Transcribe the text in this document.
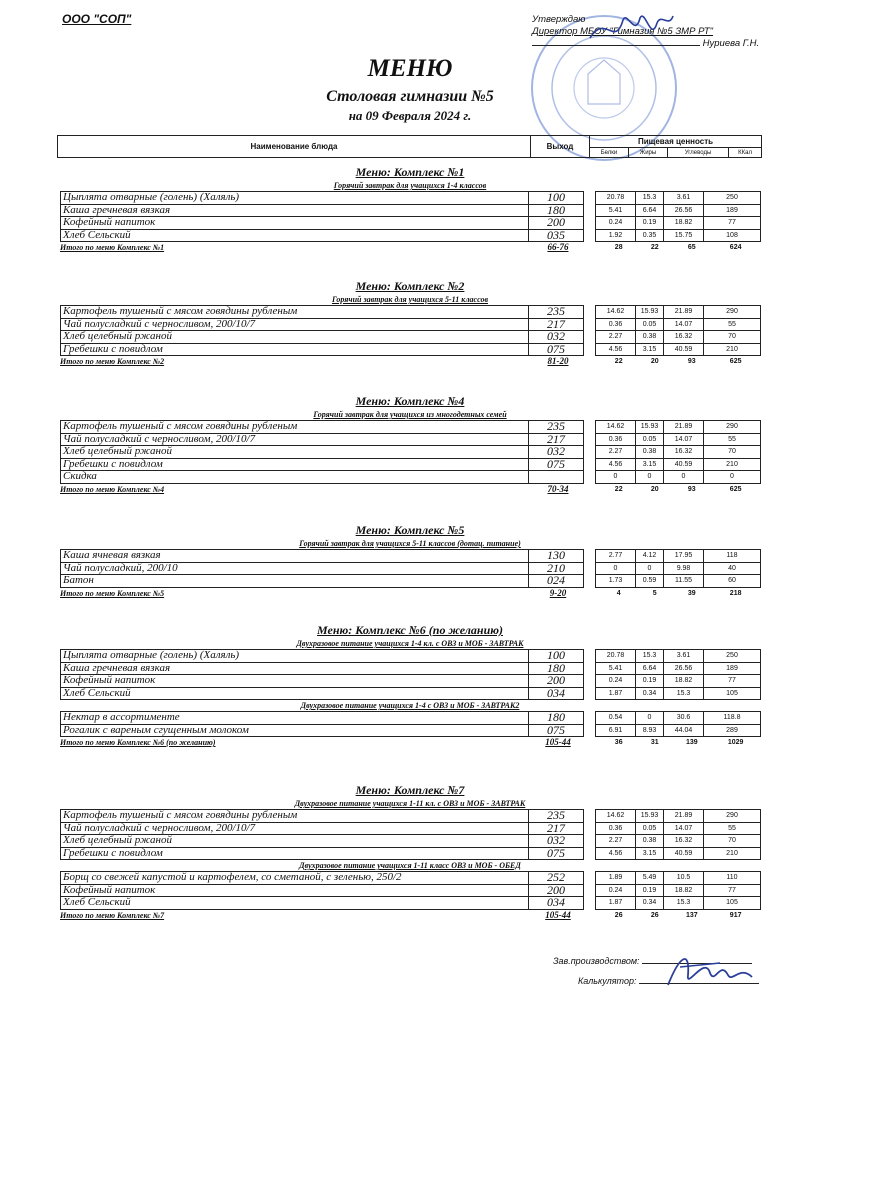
ООО "СОП"	Утверждаю
Директор МБОУ "Гимназия №5 ЗМР РТ"
Нуриева Г.Н.
МЕНЮ
Столовая гимназии №5
на 09 Февраля 2024 г.
Наименование блюда	Выход	Пищевая ценность			
		Белки	Жиры	Углеводы	ККал
Меню: Комплекс №1
Горячий завтрак для учащихся 1-4 классов
Цыплята отварные (голень) (Халяль)	100		20.78	15.3	3.61	250
Каша гречневая вязкая	180		5.41	6.64	26.56	189
Кофейный напиток	200		0.24	0.19	18.82	77
Хлеб Сельский	035		1.92	0.35	15.75	108
Итого по меню Комплекс №1	66-76	28	22	65	624
Меню: Комплекс №2
Горячий завтрак для учащихся 5-11 классов
Картофель тушеный с мясом говядины рубленым	235		14.62	15.93	21.89	290
Чай полусладкий с черносливом, 200/10/7	217		0.36	0.05	14.07	55
Хлеб целебный ржаной	032		2.27	0.38	16.32	70
Гребешки с повидлом	075		4.56	3.15	40.59	210
Итого по меню Комплекс №2	81-20	22	20	93	625
Меню: Комплекс №4
Горячий завтрак для учащихся из многодетных семей
Картофель тушеный с мясом говядины рубленым	235		14.62	15.93	21.89	290
Чай полусладкий с черносливом, 200/10/7	217		0.36	0.05	14.07	55
Хлеб целебный ржаной	032		2.27	0.38	16.32	70
Гребешки с повидлом	075		4.56	3.15	40.59	210
Скидка			0	0	0	0
Итого по меню Комплекс №4	70-34	22	20	93	625
Меню: Комплекс №5
Горячий завтрак для учащихся 5-11 классов (дотац. питание)
Каша ячневая вязкая	130		2.77	4.12	17.95	118
Чай полусладкий, 200/10	210		0	0	9.98	40
Батон	024		1.73	0.59	11.55	60
Итого по меню Комплекс №5	9-20	4	5	39	218
Меню: Комплекс №6 (по желанию)
Двухразовое питание учащихся 1-4 кл. с ОВЗ и МОБ - ЗАВТРАК
Цыплята отварные (голень) (Халяль)	100		20.78	15.3	3.61	250
Каша гречневая вязкая	180		5.41	6.64	26.56	189
Кофейный напиток	200		0.24	0.19	18.82	77
Хлеб Сельский	034		1.87	0.34	15.3	105
Двухразовое питание учащихся 1-4 с ОВЗ и МОБ - ЗАВТРАК2
Нектар в ассортименте	180		0.54	0	30.6	118.8
Рогалик с вареным сгущенным молоком	075		6.91	8.93	44.04	289
Итого по меню Комплекс №6 (по желанию)	105-44	36	31	139	1029
Меню: Комплекс №7
Двухразовое питание учащихся 1-11 кл. с ОВЗ и МОБ - ЗАВТРАК
Картофель тушеный с мясом говядины рубленым	235		14.62	15.93	21.89	290
Чай полусладкий с черносливом, 200/10/7	217		0.36	0.05	14.07	55
Хлеб целебный ржаной	032		2.27	0.38	16.32	70
Гребешки с повидлом	075		4.56	3.15	40.59	210
Двухразовое питание учащихся 1-11 класс ОВЗ и МОБ - ОБЕД
Борщ со свежей капустой и картофелем, со сметаной, с зеленью, 250/2	252		1.89	5.49	10.5	110
Кофейный напиток	200		0.24	0.19	18.82	77
Хлеб Сельский	034		1.87	0.34	15.3	105
Итого по меню Комплекс №7	105-44	26	26	137	917
Зав.производством:
Калькулятор:
